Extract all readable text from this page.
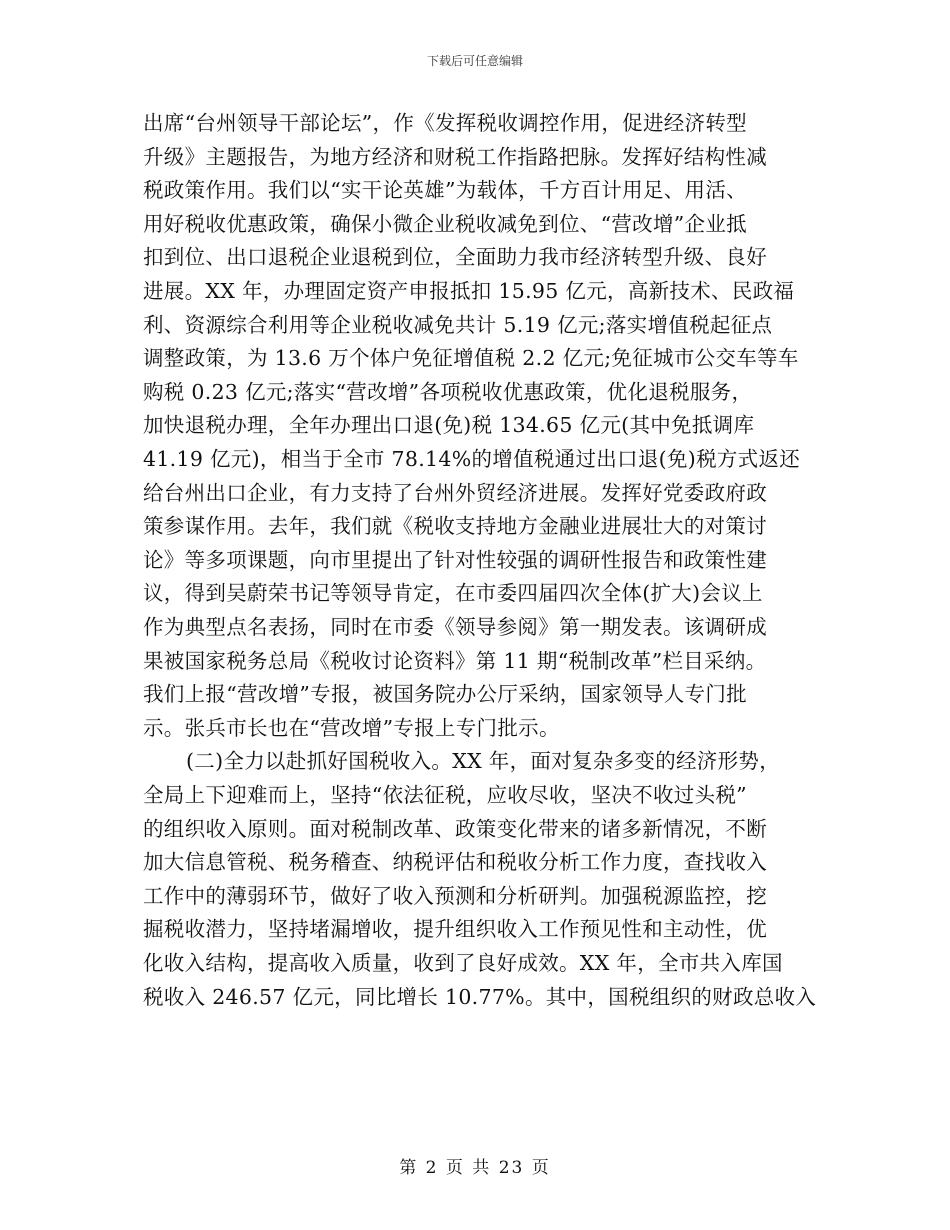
下载后可任意编辑
出席“台州领导干部论坛”，作《发挥税收调控作用，促进经济转型
升级》主题报告，为地方经济和财税工作指路把脉。发挥好结构性减
税政策作用。我们以“实干论英雄”为载体，千方百计用足、用活、
用好税收优惠政策，确保小微企业税收减免到位、“营改增”企业抵
扣到位、出口退税企业退税到位，全面助力我市经济转型升级、良好
进展。XX 年，办理固定资产申报抵扣 15.95 亿元，高新技术、民政福
利、资源综合利用等企业税收减免共计 5.19 亿元;落实增值税起征点
调整政策，为 13.6 万个体户免征增值税 2.2 亿元;免征城市公交车等车
购税 0.23 亿元;落实“营改增”各项税收优惠政策，优化退税服务，
加快退税办理，全年办理出口退(免)税 134.65 亿元(其中免抵调库
41.19 亿元)，相当于全市 78.14%的增值税通过出口退(免)税方式返还
给台州出口企业，有力支持了台州外贸经济进展。发挥好党委政府政
策参谋作用。去年，我们就《税收支持地方金融业进展壮大的对策讨
论》等多项课题，向市里提出了针对性较强的调研性报告和政策性建
议，得到吴蔚荣书记等领导肯定，在市委四届四次全体(扩大)会议上
作为典型点名表扬，同时在市委《领导参阅》第一期发表。该调研成
果被国家税务总局《税收讨论资料》第 11 期“税制改革”栏目采纳。
我们上报“营改增”专报，被国务院办公厅采纳，国家领导人专门批
示。张兵市长也在“营改增”专报上专门批示。
(二)全力以赴抓好国税收入。XX 年，面对复杂多变的经济形势，
全局上下迎难而上，坚持“依法征税，应收尽收，坚决不收过头税”
的组织收入原则。面对税制改革、政策变化带来的诸多新情况，不断
加大信息管税、税务稽查、纳税评估和税收分析工作力度，查找收入
工作中的薄弱环节，做好了收入预测和分析研判。加强税源监控，挖
掘税收潜力，坚持堵漏增收，提升组织收入工作预见性和主动性，优
化收入结构，提高收入质量，收到了良好成效。XX 年，全市共入库国
税收入 246.57 亿元，同比增长 10.77%。其中，国税组织的财政总收入
第 2 页 共 23 页
